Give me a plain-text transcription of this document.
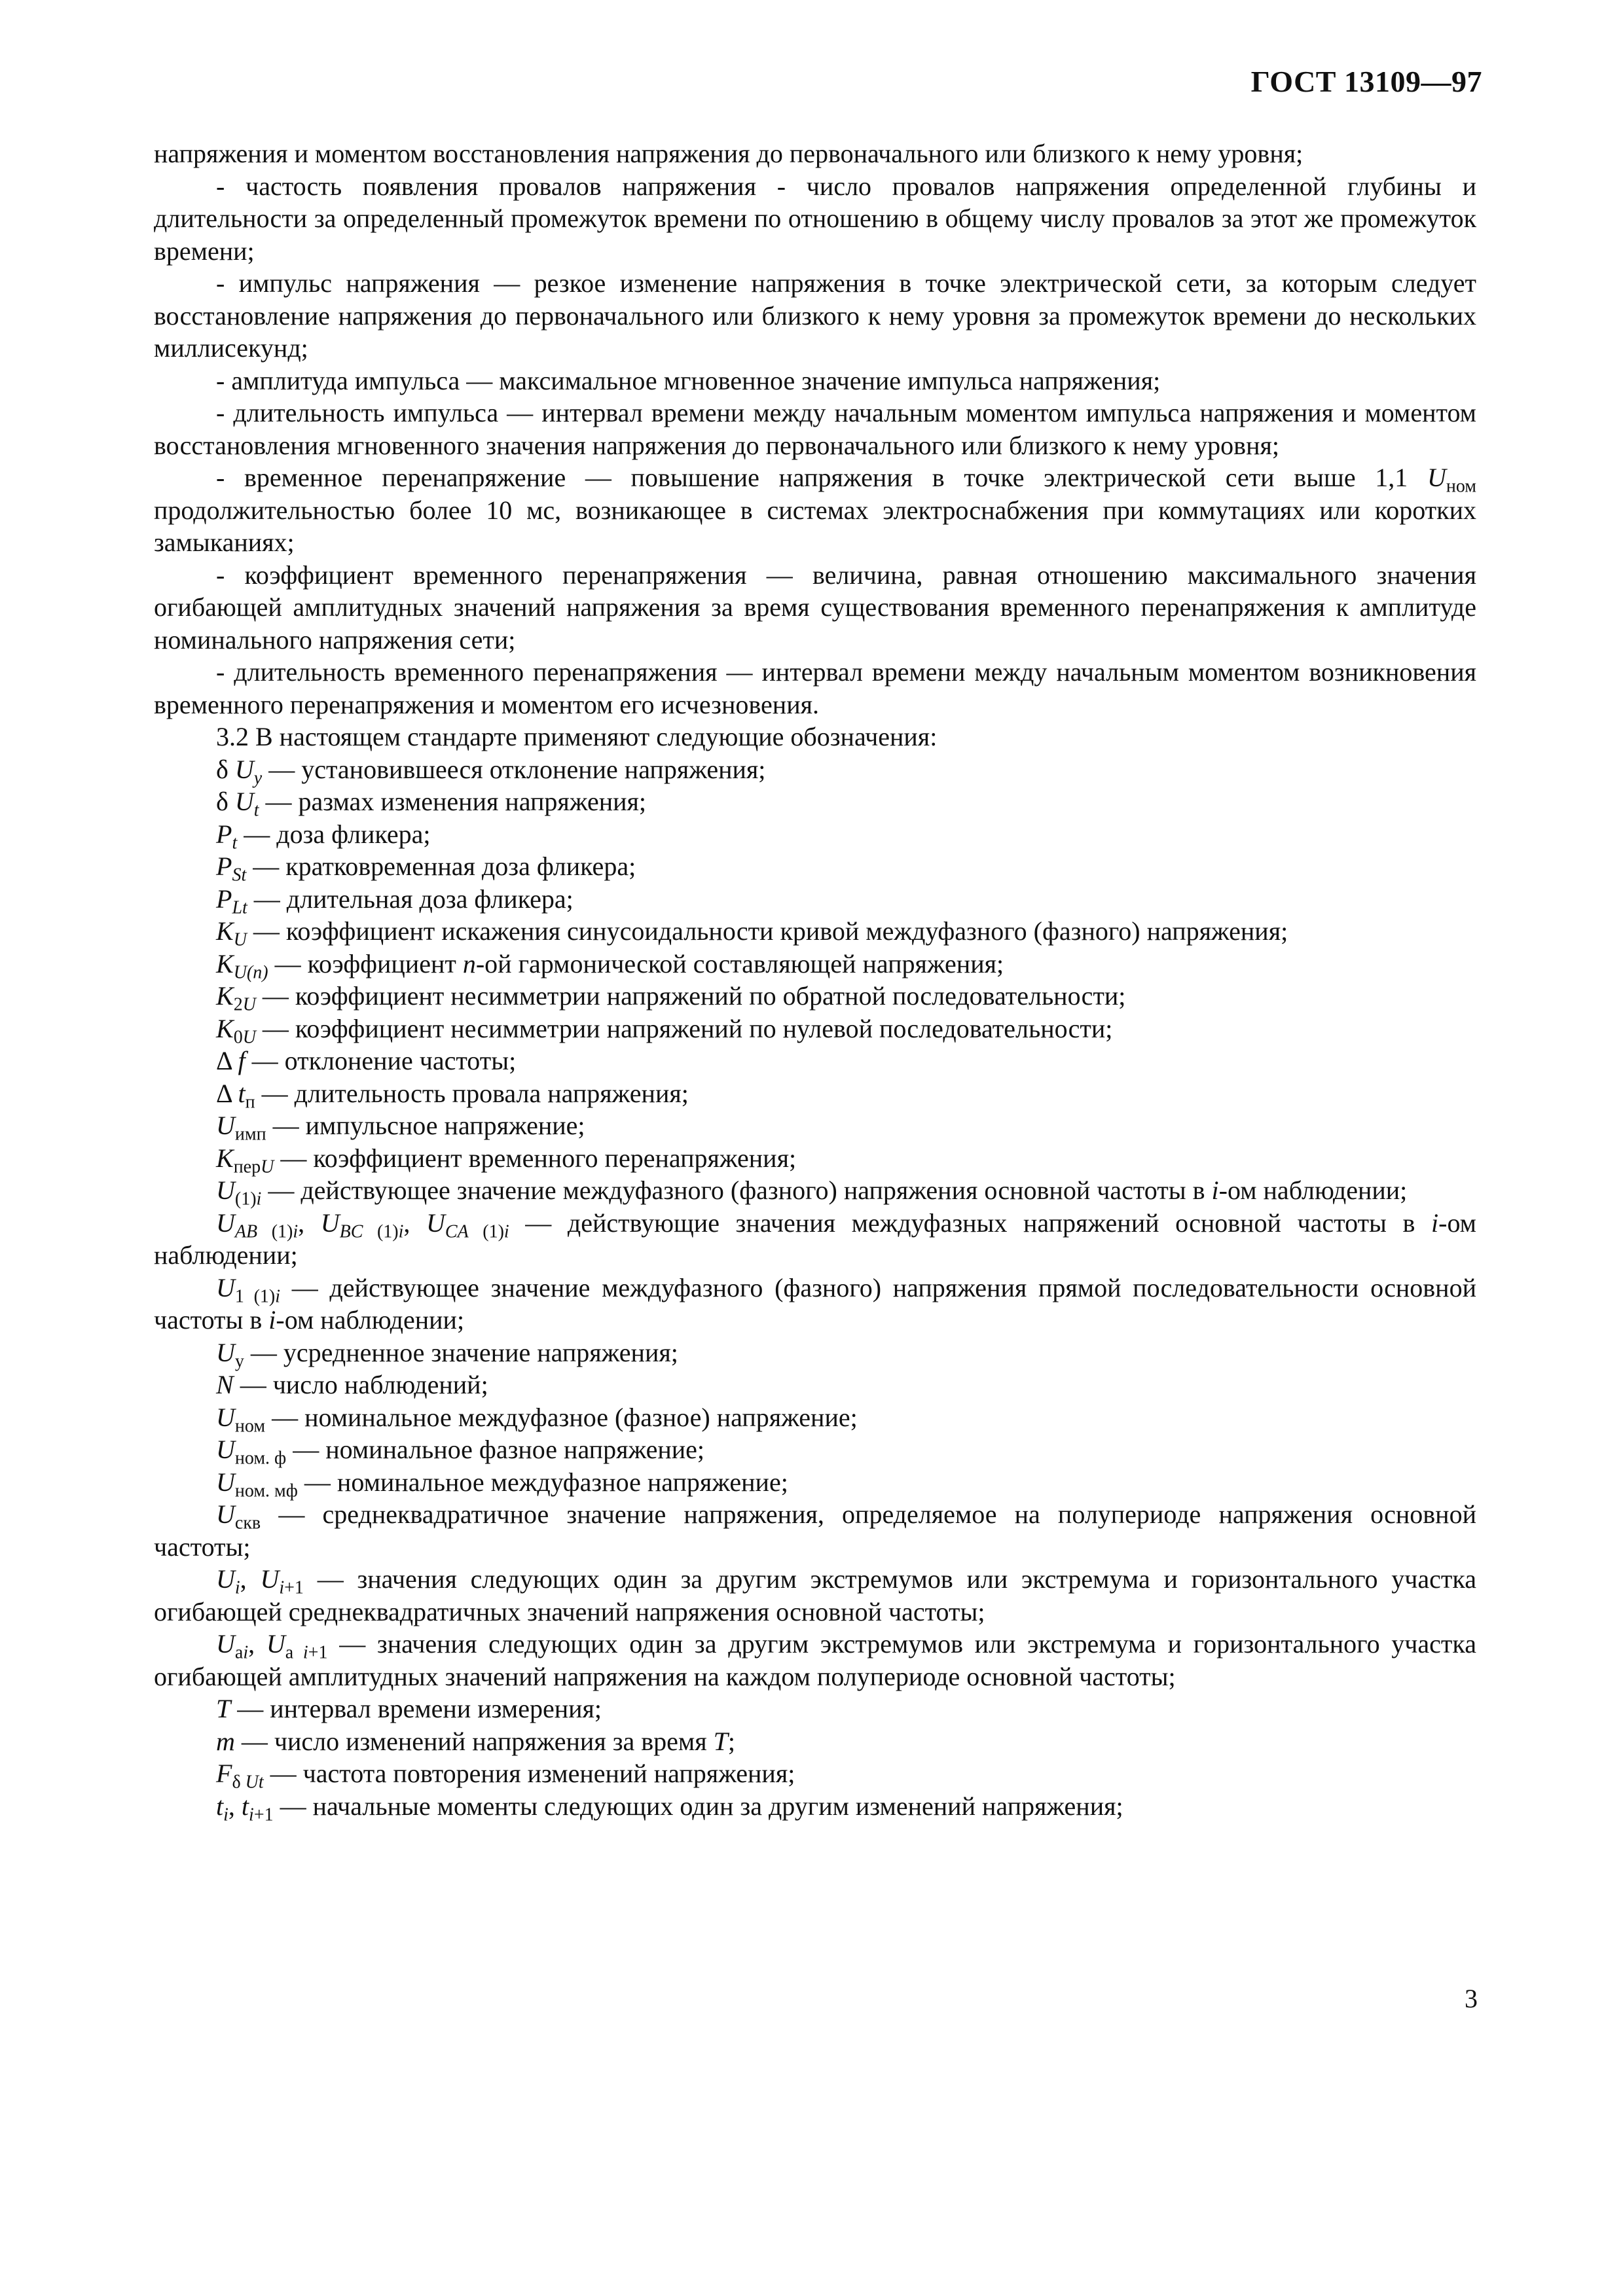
ГОСТ 13109—97
напряжения и моментом восстановления напряжения до первоначального или близкого к нему уровня;
- частость появления провалов напряжения - число провалов напряжения определенной глубины и длительности за определенный промежуток времени по отношению в общему числу провалов за этот же промежуток времени;
- импульс напряжения — резкое изменение напряжения в точке электрической сети, за которым следует восстановление напряжения до первоначального или близкого к нему уровня за промежуток времени до нескольких миллисекунд;
- амплитуда импульса — максимальное мгновенное значение импульса напряжения;
- длительность импульса — интервал времени между начальным моментом импульса напряжения и моментом восстановления мгновенного значения напряжения до первоначального или близкого к нему уровня;
- временное перенапряжение — повышение напряжения в точке электрической сети выше 1,1 $U_{ном}$ продолжительностью более 10 мс, возникающее в системах электроснабжения при коммутациях или коротких замыканиях;
- коэффициент временного перенапряжения — величина, равная отношению максимального значения огибающей амплитудных значений напряжения за время существования временного перенапряжения к амплитуде номинального напряжения сети;
- длительность временного перенапряжения — интервал времени между начальным моментом возникновения временного перенапряжения и моментом его исчезновения.
3.2 В настоящем стандарте применяют следующие обозначения:
δ $U_y$ — установившееся отклонение напряжения;
δ $U_t$ — размах изменения напряжения;
$P_t$ — доза фликера;
$P_{St}$ — кратковременная доза фликера;
$P_{Lt}$ — длительная доза фликера;
$K_U$ — коэффициент искажения синусоидальности кривой междуфазного (фазного) напряжения;
$K_{U(n)}$ — коэффициент n-ой гармонической составляющей напряжения;
$K_{2U}$ — коэффициент несимметрии напряжений по обратной последовательности;
$K_{0U}$ — коэффициент несимметрии напряжений по нулевой последовательности;
Δ f — отклонение частоты;
Δ $t_п$ — длительность провала напряжения;
$U_{имп}$ — импульсное напряжение;
$K_{перU}$ — коэффициент временного перенапряжения;
$U_{(1)i}$ — действующее значение междуфазного (фазного) напряжения основной частоты в i-ом наблюдении;
$U_{AB (1)i}$, $U_{BC (1)i}$, $U_{CA (1)i}$ — действующие значения междуфазных напряжений основной частоты в i-ом наблюдении;
$U_{1 (1)i}$ — действующее значение междуфазного (фазного) напряжения прямой последовательности основной частоты в i-ом наблюдении;
$U_у$ — усредненное значение напряжения;
N — число наблюдений;
$U_{ном}$ — номинальное междуфазное (фазное) напряжение;
$U_{ном. ф}$ — номинальное фазное напряжение;
$U_{ном. мф}$ — номинальное междуфазное напряжение;
$U_{скв}$ — среднеквадратичное значение напряжения, определяемое на полупериоде напряжения основной частоты;
$U_i$, $U_{i+1}$ — значения следующих один за другим экстремумов или экстремума и горизонтального участка огибающей среднеквадратичных значений напряжения основной частоты;
$U_{аi}$, $U_{а i+1}$ — значения следующих один за другим экстремумов или экстремума и горизонтального участка огибающей амплитудных значений напряжения на каждом полупериоде основной частоты;
T — интервал времени измерения;
m — число изменений напряжения за время T;
$F_{\delta Ut}$ — частота повторения изменений напряжения;
$t_i$, $t_{i+1}$ — начальные моменты следующих один за другим изменений напряжения;
3
